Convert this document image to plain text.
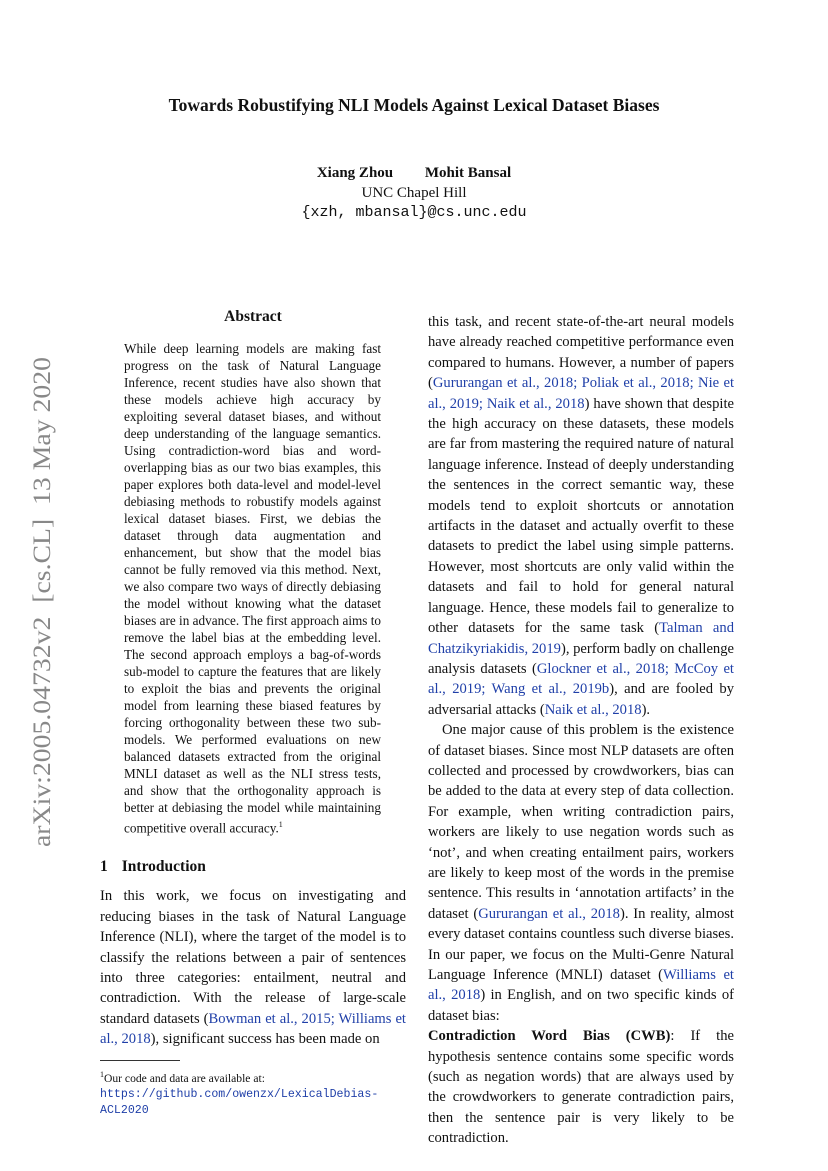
Towards Robustifying NLI Models Against Lexical Dataset Biases
Xiang Zhou Mohit Bansal
UNC Chapel Hill
{xzh, mbansal}@cs.unc.edu
arXiv:2005.04732v2  [cs.CL]  13 May 2020
Abstract

While deep learning models are making fast progress on the task of Natural Language Inference, recent studies have also shown that these models achieve high accuracy by exploiting several dataset biases, and without deep understanding of the language semantics. Using contradiction-word bias and word-overlapping bias as our two bias examples, this paper explores both data-level and model-level debiasing methods to robustify models against lexical dataset biases. First, we debias the dataset through data augmentation and enhancement, but show that the model bias cannot be fully removed via this method. Next, we also compare two ways of directly debiasing the model without knowing what the dataset biases are in advance. The first approach aims to remove the label bias at the embedding level. The second approach employs a bag-of-words sub-model to capture the features that are likely to exploit the bias and prevents the original model from learning these biased features by forcing orthogonality between these two sub-models. We performed evaluations on new balanced datasets extracted from the original MNLI dataset as well as the NLI stress tests, and show that the orthogonality approach is better at debiasing the model while maintaining competitive overall accuracy.$^1$

1 Introduction

In this work, we focus on investigating and reducing biases in the task of Natural Language Inference (NLI), where the target of the model is to classify the relations between a pair of sentences into three categories: entailment, neutral and contradiction. With the release of large-scale standard datasets (Bowman et al., 2015; Williams et al., 2018), significant success has been made on

$^1$Our code and data are available at: https://github.com/owenzx/LexicalDebias-ACL2020

this task, and recent state-of-the-art neural models have already reached competitive performance even compared to humans. However, a number of papers (Gururangan et al., 2018; Poliak et al., 2018; Nie et al., 2019; Naik et al., 2018) have shown that despite the high accuracy on these datasets, these models are far from mastering the required nature of natural language inference. Instead of deeply understanding the sentences in the correct semantic way, these models tend to exploit shortcuts or annotation artifacts in the dataset and actually overfit to these datasets to predict the label using simple patterns. However, most shortcuts are only valid within the datasets and fail to hold for general natural language. Hence, these models fail to generalize to other datasets for the same task (Talman and Chatzikyriakidis, 2019), perform badly on challenge analysis datasets (Glockner et al., 2018; McCoy et al., 2019; Wang et al., 2019b), and are fooled by adversarial attacks (Naik et al., 2018).

One major cause of this problem is the existence of dataset biases. Since most NLP datasets are often collected and processed by crowdworkers, bias can be added to the data at every step of data collection. For example, when writing contradiction pairs, workers are likely to use negation words such as ‘not’, and when creating entailment pairs, workers are likely to keep most of the words in the premise sentence. This results in ‘annotation artifacts’ in the dataset (Gururangan et al., 2018). In reality, almost every dataset contains countless such diverse biases. In our paper, we focus on the Multi-Genre Natural Language Inference (MNLI) dataset (Williams et al., 2018) in English, and on two specific kinds of dataset bias:

Contradiction Word Bias (CWB): If the hypothesis sentence contains some specific words (such as negation words) that are always used by the crowdworkers to generate contradiction pairs, then the sentence pair is very likely to be contradiction.
